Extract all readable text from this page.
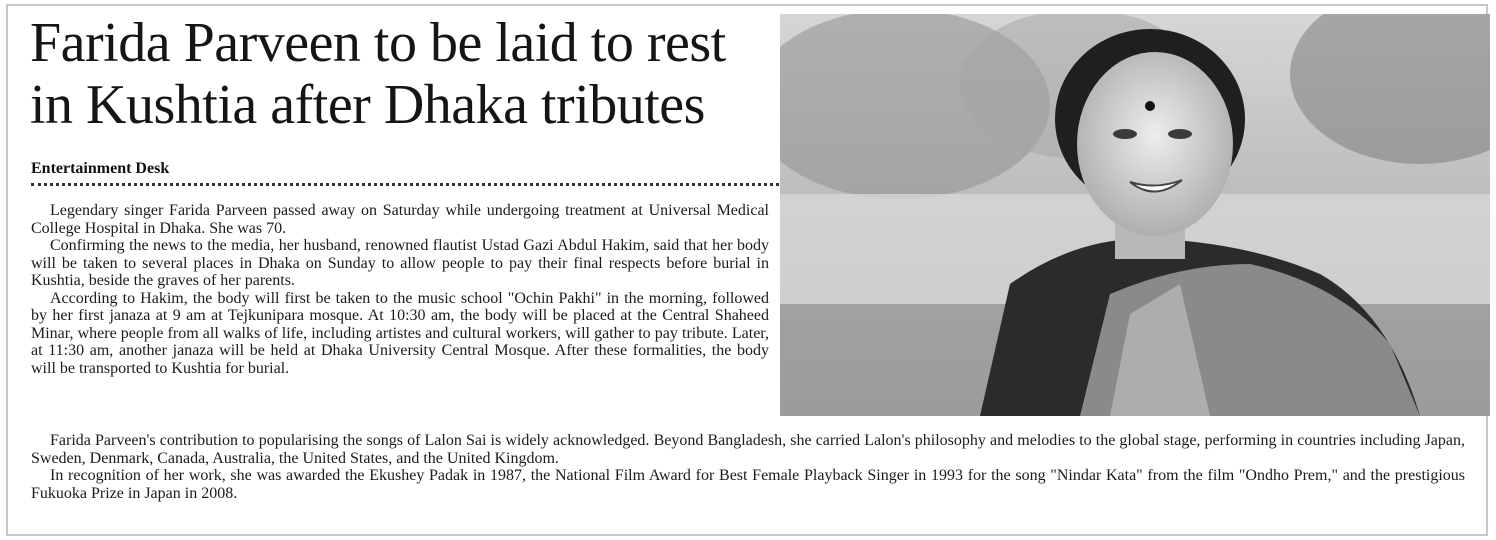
Farida Parveen to be laid to rest in Kushtia after Dhaka tributes
Entertainment Desk

Legendary singer Farida Parveen passed away on Saturday while undergoing treatment at Universal Medical College Hospital in Dhaka. She was 70.

Confirming the news to the media, her husband, renowned flautist Ustad Gazi Abdul Hakim, said that her body will be taken to several places in Dhaka on Sunday to allow people to pay their final respects before burial in Kushtia, beside the graves of her parents.

According to Hakim, the body will first be taken to the music school "Ochin Pakhi" in the morning, followed by her first janaza at 9 am at Tejkunipara mosque. At 10:30 am, the body will be placed at the Central Shaheed Minar, where people from all walks of life, including artistes and cultural workers, will gather to pay tribute. Later, at 11:30 am, another janaza will be held at Dhaka University Central Mosque. After these formalities, the body will be transported to Kushtia for burial.

Farida Parveen's contribution to popularising the songs of Lalon Sai is widely acknowledged. Beyond Bangladesh, she carried Lalon's philosophy and melodies to the global stage, performing in countries including Japan, Sweden, Denmark, Canada, Australia, the United States, and the United Kingdom.

In recognition of her work, she was awarded the Ekushey Padak in 1987, the National Film Award for Best Female Playback Singer in 1993 for the song "Nindar Kata" from the film "Ondho Prem," and the prestigious Fukuoka Prize in Japan in 2008.
